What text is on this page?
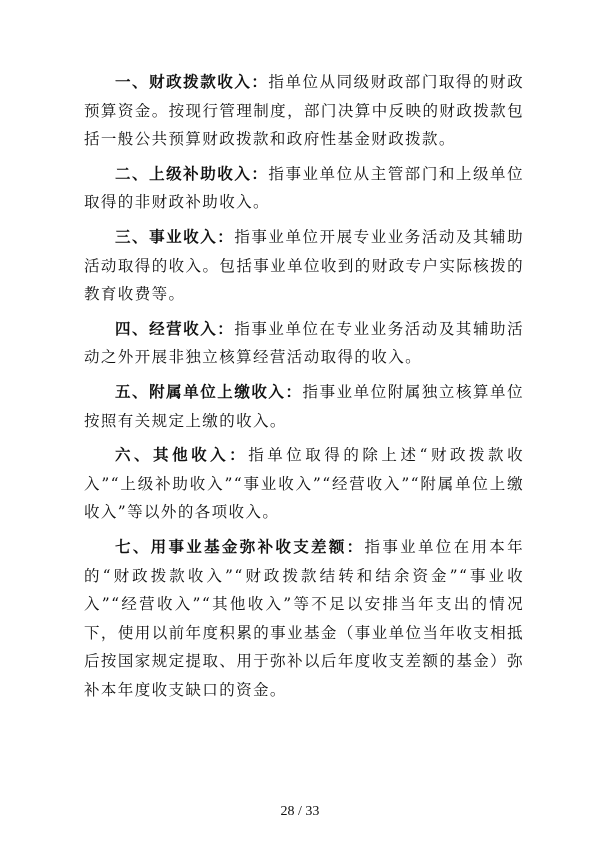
一、财政拨款收入：指单位从同级财政部门取得的财政预算资金。按现行管理制度，部门决算中反映的财政拨款包括一般公共预算财政拨款和政府性基金财政拨款。

二、上级补助收入：指事业单位从主管部门和上级单位取得的非财政补助收入。

三、事业收入：指事业单位开展专业业务活动及其辅助活动取得的收入。包括事业单位收到的财政专户实际核拨的教育收费等。

四、经营收入：指事业单位在专业业务活动及其辅助活动之外开展非独立核算经营活动取得的收入。

五、附属单位上缴收入：指事业单位附属独立核算单位按照有关规定上缴的收入。

六、其他收入：指单位取得的除上述“财政拨款收入”“上级补助收入”“事业收入”“经营收入”“附属单位上缴收入”等以外的各项收入。

七、用事业基金弥补收支差额：指事业单位在用本年的“财政拨款收入”“财政拨款结转和结余资金”“事业收入”“经营收入”“其他收入”等不足以安排当年支出的情况下，使用以前年度积累的事业基金（事业单位当年收支相抵后按国家规定提取、用于弥补以后年度收支差额的基金）弥补本年度收支缺口的资金。

28 / 33
